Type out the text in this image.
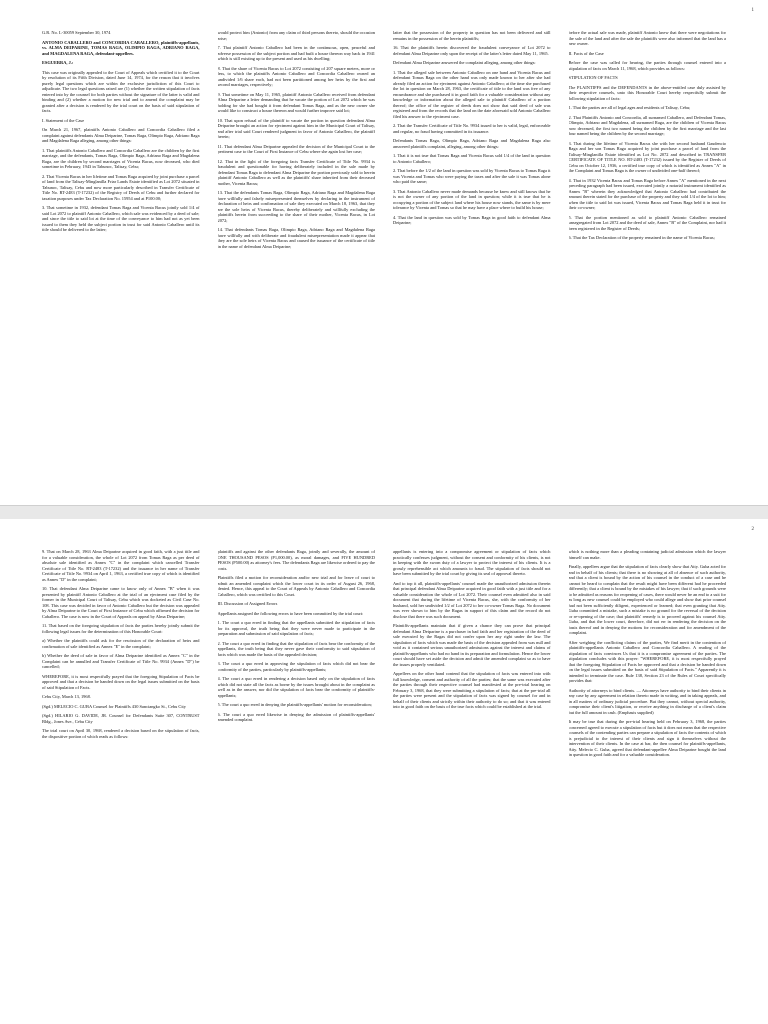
1

G.R. No. L-30059 September 30, 1974

ANTONIO CABALLERO and CONCORDIA CABALLERO, plaintiffs-appellants, vs. ALMA DEIPARINE, TOMAS RAGA, OLIMPIO RAGA, ADRIANO RAGA, and MAGDALENA RAGA, defendant-appellees.

ESGUERRA, J.:

This case was originally appealed to the Court of Appeals which certified it to the Court by resolution of its Fifth Division, dated June 14, 1974, for the reason that it involves purely legal questions which are within the exclusive jurisdiction of this Court to adjudicate. The two legal questions raised are (1) whether the written stipulation of facts entered into by the counsel for both parties without the signature of the latter is valid and binding and (2) whether a motion for new trial and to amend the complaint may be granted after a decision is rendered by the trial court on the basis of said stipulation of facts.

I. Statement of the Case

On March 21, 1967, plaintiffs Antonio Caballero and Concordia Caballero filed a complaint against defendants Alma Deiparine, Tomas Raga, Olimpio Raga, Adriano Raga and Magdalena Raga alleging, among other things:

1. That plaintiffs Antonio Caballero and Concordia Caballero are the children by the first marriage, and the defendants, Tomas Raga, Olimpio Raga, Adriano Raga and Magdalena Raga, are the children by second marriages of Vicenta Bacus, now deceased, who died sometime in February, 1943 in Tabunoc, Talisay, Cebu;

2. That Vicenta Bacus in her lifetime and Tomas Raga acquired by joint purchase a parcel of land from the Talisay-Minglanilla Friar Lands Estate identified as Lot 2072 situated in Tabunoc, Talisay, Cebu and now more particularly described in Transfer Certificate of Title No. RT-2483 (T-17232) of the Registry of Deeds of Cebu and further declared for taxation purposes under Tax Declaration No. 15954 and at P100.00;

3. That sometime in 1932, defendant Tomas Raga and Vicenta Bacus jointly sold 1/4 of said Lot 2072 to plaintiff Antonio Caballero, which sale was evidenced by a deed of sale; and since the title to said lot at the time of the conveyance to him had not as yet been issued to them they held the subject portion in trust for said Antonio Caballero until its title should be delivered to the latter;

would protect him (Antonio) from any claim of third persons thereto, should the occasion arise;

7. That plaintiff Antonio Caballero had been in the continuous, open, peaceful and adverse possession of the subject portion and had built a house thereon way back in 1941 which is still existing up to the present and used as his dwelling;

8. That the share of Vicenta Bacus to Lot 2072 consisting of 207 square meters, more or less, to which the plaintiffs Antonio Caballero and Concordia Caballero owned an undivided 1/6 share each, had not been partitioned among her heirs by the first and second marriages, respectively;

9. That sometime on May 11, 1965, plaintiff Antonio Caballero received from defendant Alma Deiparine a letter demanding that he vacate the portion of Lot 2072 which he was holding for she had bought it from defendant Tomas Raga, and as the new owner she would like to construct a house thereon and would further improve said lot;

10. That upon refusal of the plaintiff to vacate the portion in question defendant Alma Deiparine brought an action for ejectment against him in the Municipal Court of Talisay, and after trial said Court rendered judgment in favor of Antonio Caballero, the plaintiff herein;

11. That defendant Alma Deiparine appealed the decision of the Municipal Court to the pertinent case to the Court of First Instance of Cebu where she again lost her case;

12. That in the light of the foregoing facts Transfer Certificate of Title No. 9934 is fraudulent and questionable for having deliberately included in the sale made by defendant Tomas Raga to defendant Alma Deiparine the portion previously sold to herein plaintiff Antonio Caballero as well as the plaintiffs' share inherited from their deceased mother, Vicenta Bacus;

13. That the defendants Tomas Raga, Olimpio Raga, Adriano Raga and Magdalena Raga have willfully and falsely misrepresented themselves by declaring in the instrument of declaration of heirs and confirmation of sale they executed on March 18, 1963, that they are the sole heirs of Vicenta Bacus, thereby deliberately and willfully excluding the plaintiffs herein from succeeding to the share of their mother, Vicenta Bacus, in Lot 2072;

14. That defendants Tomas Raga, Olimpio Raga, Adriano Raga and Magdalena Raga have willfully and with deliberate and fraudulent misrepresentation made it appear that they are the sole heirs of Vicenta Bacus and caused the issuance of the certificate of title in the name of defendant Alma Deiparine;

latter that the possession of the property in question has not been delivered and still remains in the possession of the herein plaintiffs;

16. That the plaintiffs herein discovered the fraudulent conveyance of Lot 2072 to defendant Alma Deiparine only upon the receipt of the latter's letter dated May 11, 1965.

Defendant Alma Deiparine answered the complaint alleging, among other things:

1. That the alleged sale between Antonio Caballero on one hand and Vicenta Bacus and defendant Tomas Raga on the other hand was only made known to her after she had already filed an action for ejectment against Antonio Caballero; at the time she purchased the lot in question on March 28, 1963, the certificate of title to the land was free of any encumbrance and she purchased it in good faith for a valuable consideration without any knowledge or information about the alleged sale to plaintiff Caballero of a portion thereof; the office of the register of deeds does not show that said deed of sale was registered and from the records that the land on the date aforesaid sold Antonio Caballero filed his answer to the ejectment case.

2. That the Transfer Certificate of Title No. 9934 issued to her is valid, legal, enforceable and regular, no fraud having committed in its issuance.

Defendants Tomas Raga, Olimpio Raga, Adriano Raga and Magdalena Raga also answered plaintiffs complaint, alleging, among other things:

1. That it is not true that Tomas Raga and Vicenta Bacus sold 1/4 of the land in question to Antonio Caballero;

2. That before the 1/2 of the land in question was sold by Vicenta Bacus to Tomas Raga it was Vicenta and Tomas who were paying the taxes and after the sale it was Tomas alone who paid the same;

3. That Antonio Caballero never made demands because he knew and still knows that he is not the owner of any portion of the land in question; while it is true that he is occupying a portion of the subject land where his house now stands, the same is by mere tolerance by Vicenta and Tomas so that he may have a place where to build his house;

4. That the land in question was sold by Tomas Raga in good faith to defendant Alma Deiparine;

before the actual sale was made, plaintiff Antonio knew that there were negotiations for the sale of the land and after the sale the plaintiffs were also informed that the land has a new owner.

II. Facts of the Case

Before the case was called for hearing, the parties through counsel entered into a stipulation of facts on March 11, 1968, which provides as follows:

STIPULATION OF FACTS

The PLAINTIFFS and the DEFENDANTS in the above-entitled case duly assisted by their respective counsels, unto this Honorable Court hereby respectfully submit the following stipulation of facts:

1. That the parties are all of legal ages and residents of Talisay, Cebu;

2. That Plaintiffs Antonio and Concordia, all surnamed Caballero, and Defendant Tomas, Olimpio, Adriano and Magdalena, all surnamed Raga, are the children of Vicenta Bacus now deceased, the first two named being the children by the first marriage and the last four named being the children by the second marriage;

3. That during the lifetime of Vicenta Bacus she with her second husband Gaudencio Raga and her son Tomas Raga acquired by joint purchase a parcel of land from the Talisay-Minglanilla Estate identified as Lot No. 2072 and described in TRANSFER CERTIFICATE OF TITLE NO. RT-2483 (T-17232) issued by the Register of Deeds of Cebu on October 12, 1936, a certified true copy of which is identified as Annex "A" in the Complaint and Tomas Raga is the owner of undivided one-half thereof;

4. That in 1932 Vicenta Bacus and Tomas Raga before Annex "A" mentioned in the next preceding paragraph had been issued, executed jointly a notarial instrument identified as Annex "B" wherein they acknowledged that Antonio Caballero had contributed the amount therein stated for the purchase of the property and they sold 1/4 of the lot to him; when the title to said lot was issued, Vicenta Bacus and Tomas Raga held it in trust for their co-owner;

5. That the portion mentioned as sold to plaintiff Antonio Caballero remained unsegregated from Lot 2072 and the deed of sale, Annex "B" of the Complaint, nor had it been registered in the Register of Deeds;

6. That the Tax Declaration of the property remained in the name of Vicenta Bacus;

2

9. That on March 28, 1963 Alma Deiparine acquired in good faith, with a just title and for a valuable consideration, the whole of Lot 2072 from Tomas Raga as per deed of absolute sale identified as Annex "C" in the complaint which cancelled Transfer Certificate of Title No. RT-2483 (T-17232) and the issuance in her name of Transfer Certificate of Title No. 9934 on April 1, 1963, a certified true copy of which is identified as Annex "D" in the complaint;

10. That defendant Alma Deiparine came to know only of Annex "B" when it was presented by plaintiff Antonio Caballero at the trial of an ejectment case filed by the former in the Municipal Court of Talisay, Cebu which was docketed as Civil Case No. 108. This case was decided in favor of Antonio Caballero but the decision was appealed by Alma Deiparine to the Court of First Instance of Cebu which affirmed the decision for Caballero. The case is now in the Court of Appeals on appeal by Alma Deiparine;

11. That based on the foregoing stipulation of facts the parties hereby jointly submit the following legal issues for the determination of this Honorable Court:

a) Whether the plaintiffs could ask for the rescission of the declaration of heirs and confirmation of sale identified as Annex "E" in the complaint;

b) Whether the deed of sale in favor of Alma Deiparine identified as Annex "C" in the Complaint can be annulled and Transfer Certificate of Title No. 9934 (Annex "D") be cancelled;

WHEREFORE, it is most respectfully prayed that the foregoing Stipulation of Facts be approved and that a decision be handed down on the legal issues submitted on the basis of said Stipulation of Facts.

Cebu City, March 13, 1968.

(Sgd.) MELECIO C. GUBA Counsel for Plaintiffs 430 Sanciangko St., Cebu City

(Sgd.) HILARIO G. DAVIDE, JR. Counsel for Defendants Suite 307, CONTRUST Bldg., Jones Ave., Cebu City

The trial court on April 30, 1968, rendered a decision based on the stipulation of facts, the dispositive portion of which reads as follows:

plaintiffs and against the other defendants Raga, jointly and severally, the amount of ONE THOUSAND PESOS (P1,000.00), as moral damages, and FIVE HUNDRED PESOS (P500.00) as attorney's fees. The defendants Raga are likewise ordered to pay the costs.

Plaintiffs filed a motion for reconsideration and/or new trial and for leave of court to admit an amended complaint which the lower court in its order of August 26, 1968, denied. Hence, this appeal to the Court of Appeals by Antonio Caballero and Concordia Caballero, which was certified to this Court.

III. Discussion of Assigned Errors

Appellants assigned the following errors to have been committed by the trial court:

1. The court a quo erred in finding that the appellants submitted the stipulation of facts for its approval, the truth being that they were never made to participate in the preparation and submission of said stipulation of facts;

2. The court a quo erred in finding that the stipulation of facts bear the conformity of the appellants, the truth being that they never gave their conformity to said stipulation of facts which was made the basis of the appealed decision;

3. The court a quo erred in approving the stipulation of facts which did not bear the conformity of the parties, particularly by plaintiffs-appellants;

4. The court a quo erred in rendering a decision based only on the stipulation of facts which did not state all the facts as borne by the issues brought about in the complaint as well as in the answer, nor did the stipulation of facts bear the conformity of plaintiffs-appellants;

5. The court a quo erred in denying the plaintiffs-appellants' motion for reconsideration;

6. The court a quo erred likewise in denying the admission of plaintiffs-appellants' amended complaint.

appellants is entering into a compromise agreement or stipulation of facts which practically confesses judgment, without the consent and conformity of his clients, is not in keeping with the sworn duty of a lawyer to protect the interest of his clients. It is a grossly reprehensible act which amounts to fraud. The stipulation of facts should not have been submitted by the trial court by giving its seal of approval thereto.

And to top it all, plaintiffs-appellants' counsel made the unauthorized admission therein that principal defendant Alma Deiparine acquired in good faith with a just title and for a valuable consideration the whole of Lot 2072. Their counsel even admitted also in said document that during the lifetime of Vicenta Bacus, she, with the conformity of her husband, sold her undivided 1/2 of Lot 2072 to her co-owner Tomas Raga. No document was ever shown to him by the Ragas in support of this claim and the record do not disclose that there was such document.

Plaintiffs-appellants maintain that if given a chance they can prove that principal defendant Alma Deiparine is a purchaser in bad faith and her registration of the deed of sale executed by the Ragas did not confer upon her any right under the law. The stipulation of facts which was made the basis of the decision appealed from was null and void as it contained serious unauthorized admissions against the interest and claims of plaintiffs-appellants who had no hand in its preparation and formulation. Hence the lower court should have set aside the decision and admit the amended complaint so as to have the issues properly ventilated.

Appellees on the other hand contend that the stipulation of facts was entered into with full knowledge, consent and authority of all the parties; that the same was executed after the parties through their respective counsel had manifested at the pre-trial hearing on February 3, 1968, that they were submitting a stipulation of facts; that at the pre-trial all the parties were present and the stipulation of facts was signed by counsel for and in behalf of their clients and strictly within their authority to do so; and that it was entered into in good faith on the basis of the true facts which could be established at the trial.

which is nothing more than a pleading containing judicial admission which the lawyer himself can make.

Finally, appellees argue that the stipulation of facts clearly show that Atty. Guba acted for and in behalf of his clients; that there is no showing at all of absence of such authority, and that a client is bound by the action of his counsel in the conduct of a case and he cannot be heard to complain that the result might have been different had he proceeded differently; that a client is bound by the mistakes of his lawyer; that if such grounds were to be admitted as reasons for reopening of cases, there would never be an end to a suit for as long as new counsel could be employed who could allege and show that prior counsel had not been sufficiently diligent, experienced or learned; that even granting that Atty. Guba committed a mistake, such a mistake is no ground for the reversal of the decision or re-opening of the case; that plaintiffs' remedy is to proceed against his counsel Atty. Guba, and that the lower court, therefore, did not err in rendering the decision on the basis thereof and in denying the motions for reconsideration and for amendment of the complaint.

After weighing the conflicting claims of the parties, We find merit in the contention of plaintiffs-appellants Antonio Caballero and Concordia Caballero. A reading of the stipulation of facts convinces Us that it is a compromise agreement of the parties. The stipulation concludes with this prayer: "WHEREFORE, it is most respectfully prayed that the foregoing Stipulation of Facts be approved and that a decision be handed down on the legal issues submitted on the basis of said Stipulation of Facts." Apparently it is intended to terminate the case. Rule 138, Section 23 of the Rules of Court specifically provides that:

Authority of attorneys to bind clients. — Attorneys have authority to bind their clients in any case by any agreement in relation thereto made in writing, and in taking appeals, and in all matters of ordinary judicial procedure. But they cannot, without special authority, compromise their client's litigation, or receive anything in discharge of a client's claim but the full amount in cash. (Emphasis supplied)

It may be true that during the pre-trial hearing held on February 3, 1968, the parties concerned agreed to execute a stipulation of facts but it does not mean that the respective counsels of the contending parties can prepare a stipulation of facts the contents of which is prejudicial to the interest of their clients and sign it themselves without the intervention of their clients. In the case at bar, the then counsel for plaintiffs-appellants, Atty. Melecio C. Guba, agreed that defendant-appellee Alma Deiparine bought the land in question in good faith and for a valuable consideration.
